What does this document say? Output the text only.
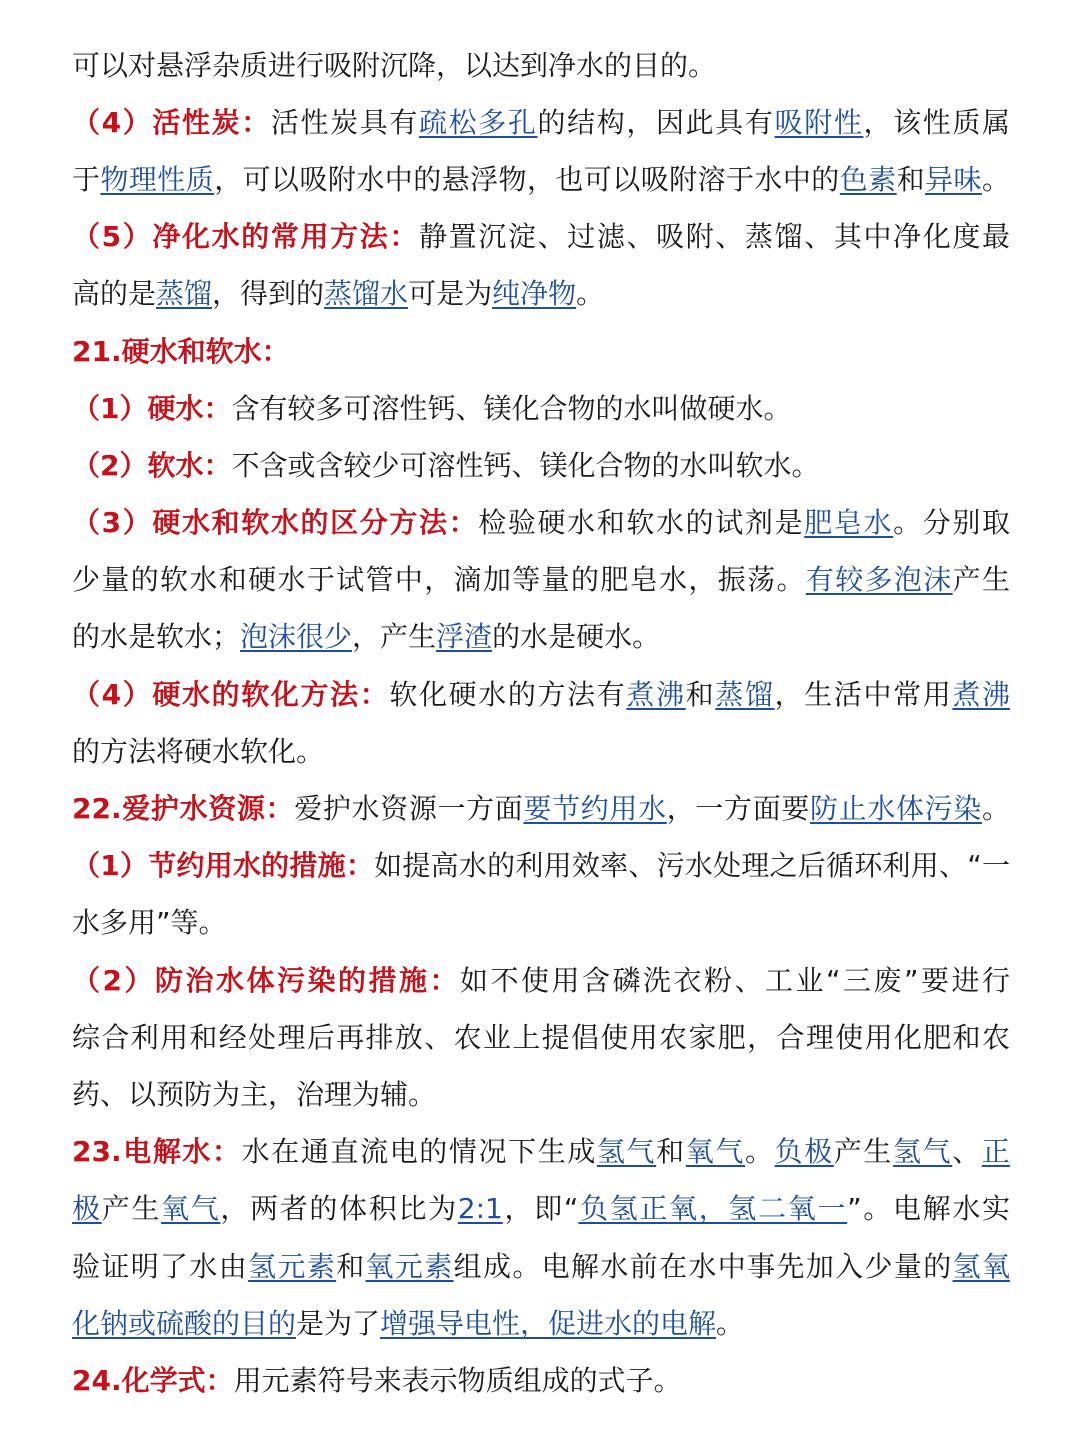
可以对悬浮杂质进行吸附沉降，以达到净水的目的。
（4）活性炭：活性炭具有疏松多孔的结构，因此具有吸附性，该性质属
于物理性质，可以吸附水中的悬浮物，也可以吸附溶于水中的色素和异味。
（5）净化水的常用方法：静置沉淀、过滤、吸附、蒸馏、其中净化度最
高的是蒸馏，得到的蒸馏水可是为纯净物。
21.硬水和软水：
（1）硬水：含有较多可溶性钙、镁化合物的水叫做硬水。
（2）软水：不含或含较少可溶性钙、镁化合物的水叫软水。
（3）硬水和软水的区分方法：检验硬水和软水的试剂是肥皂水。分别取
少量的软水和硬水于试管中，滴加等量的肥皂水，振荡。有较多泡沫产生
的水是软水；泡沫很少，产生浮渣的水是硬水。
（4）硬水的软化方法：软化硬水的方法有煮沸和蒸馏，生活中常用煮沸
的方法将硬水软化。
22.爱护水资源：爱护水资源一方面要节约用水，一方面要防止水体污染。
（1）节约用水的措施：如提高水的利用效率、污水处理之后循环利用、“一
水多用”等。
（2）防治水体污染的措施：如不使用含磷洗衣粉、工业“三废”要进行
综合利用和经处理后再排放、农业上提倡使用农家肥，合理使用化肥和农
药、以预防为主，治理为辅。
23.电解水：水在通直流电的情况下生成氢气和氧气。负极产生氢气、正
极产生氧气，两者的体积比为2:1，即“负氢正氧，氢二氧一”。电解水实
验证明了水由氢元素和氧元素组成。电解水前在水中事先加入少量的氢氧
化钠或硫酸的目的是为了增强导电性，促进水的电解。
24.化学式：用元素符号来表示物质组成的式子。
